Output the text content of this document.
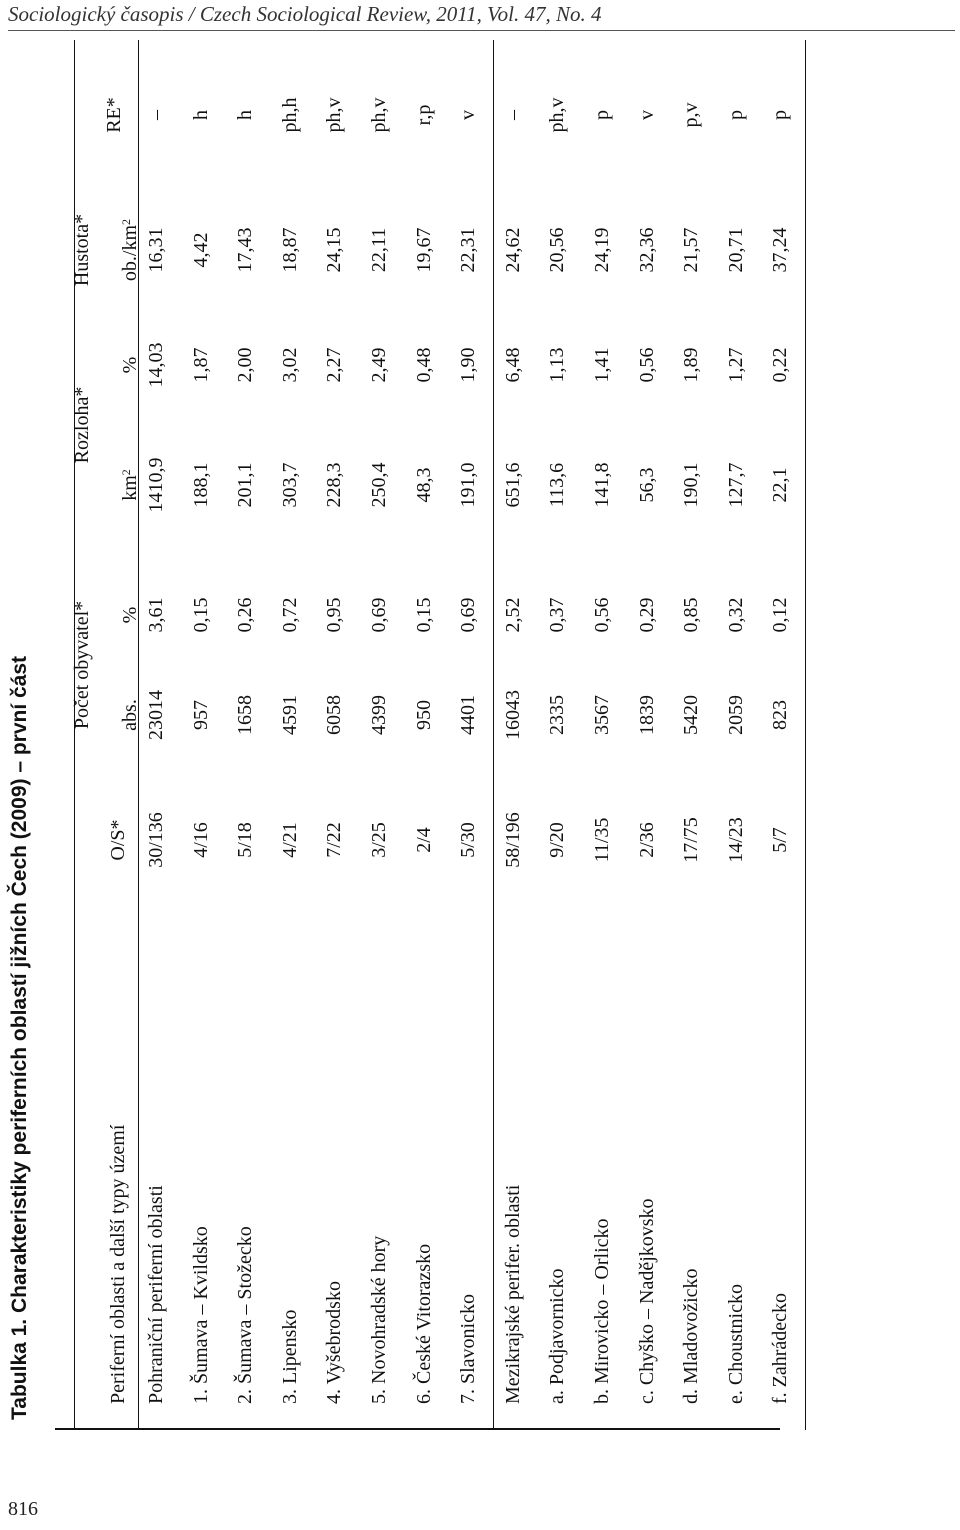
Sociologický časopis / Czech Sociological Review, 2011, Vol. 47, No. 4
816
Tabulka 1. Charakteristiky periferních oblastí jižních Čech (2009) – první část	Periferní oblasti a další typy území
O/S*
Počet obyvatel*
Rozloha*
Hustota*
RE*
abs.
%
$km^2$
%
$ob./km^2$
Pohraniční periferní oblasti
30/136
23014
3,61
1410,9
14,03
16,31
–
1. Šumava – Kvildsko
4/16
957
0,15
188,1
1,87
4,42
h
2. Šumava – Stožecko
5/18
1658
0,26
201,1
2,00
17,43
h
3. Lipensko
4/21
4591
0,72
303,7
3,02
18,87
ph,h
4. Vyšebrodsko
7/22
6058
0,95
228,3
2,27
24,15
ph,v
5. Novohradské hory
3/25
4399
0,69
250,4
2,49
22,11
ph,v
6. České Vitorazsko
2/4
950
0,15
48,3
0,48
19,67
r,p
7. Slavonicko
5/30
4401
0,69
191,0
1,90
22,31
v
Mezikrajské perifer. oblasti
58/196
16043
2,52
651,6
6,48
24,62
–
a. Podjavornicko
9/20
2335
0,37
113,6
1,13
20,56
ph,v
b. Mirovicko – Orlicko
11/35
3567
0,56
141,8
1,41
24,19
p
c. Chyško – Nadějkovsko
2/36
1839
0,29
56,3
0,56
32,36
v
d. Mladovožicko
17/75
5420
0,85
190,1
1,89
21,57
p,v
e. Choustnicko
14/23
2059
0,32
127,7
1,27
20,71
p
f. Zahrádecko
5/7
823
0,12
22,1
0,22
37,24
p
